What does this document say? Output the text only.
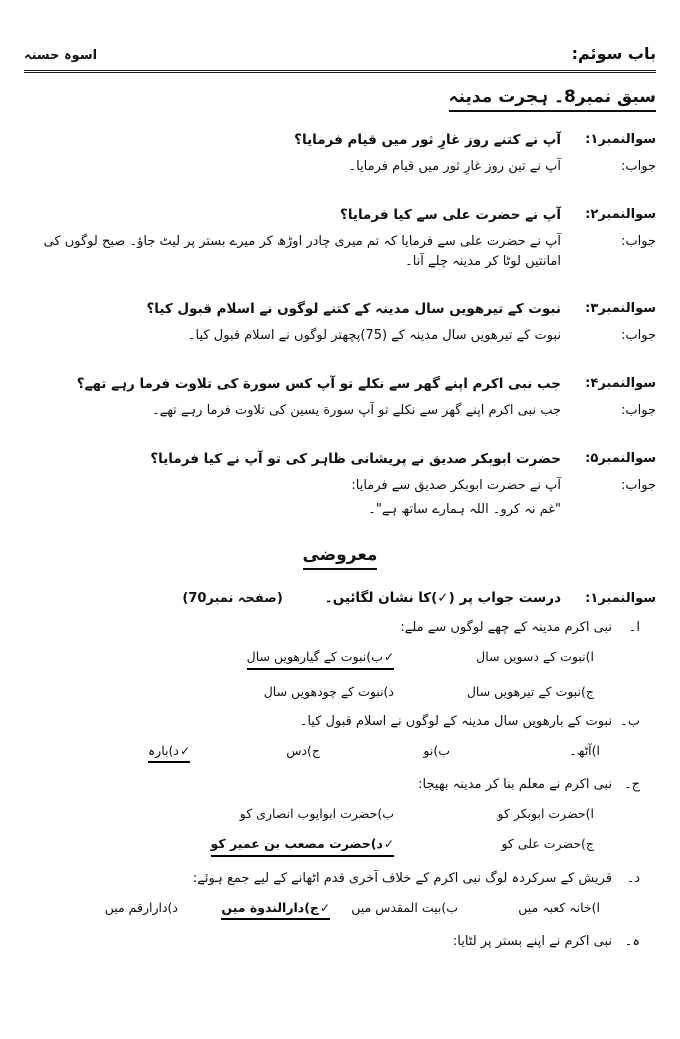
باب سوئم:
اسوہ حسنہ
سبق نمبر8۔ ہجرت مدینہ
سوالنمبر۱:
آپ نے کتنے روز غارِ ثور میں قیام فرمایا؟
جواب:
آپ نے تین روز غارِ ثور میں قیام فرمایا۔
سوالنمبر۲:
آپ نے حضرت علی سے کیا فرمایا؟
جواب:
آپ نے حضرت علی سے فرمایا کہ تم میری چادر اوڑھ کر میرے بستر پر لیٹ جاؤ۔ صبح لوگوں کی امانتیں لوٹا کر مدینہ چلے آنا۔
سوالنمبر۳:
نبوت کے تیرھویں سال مدینہ کے کتنے لوگوں نے اسلام قبول کیا؟
جواب:
نبوت کے تیرھویں سال مدینہ کے (75)پچھتر لوگوں نے اسلام قبول کیا۔
سوالنمبر۴:
جب نبی اکرم اپنے گھر سے نکلے تو آپ کس سورة کی تلاوت فرما رہے تھے؟
جواب:
جب نبی اکرم اپنے گھر سے نکلے تو آپ سورة یسین کی تلاوت فرما رہے تھے۔
سوالنمبر۵:
حضرت ابوبکر صدیق نے پریشانی ظاہر کی تو آپ نے کیا فرمایا؟
جواب:
آپ نے حضرت ابوبکر صدیق سے فرمایا:
"غم نہ کرو۔ اللہ ہمارے ساتھ ہے"۔
معروضی
سوالنمبر۱:
درست جواب پر (✓)کا نشان لگائیں۔
(صفحہ نمبر70)
ا۔
نبی اکرم مدینہ کے چھے لوگوں سے ملے:
ا)نبوت کے دسویں سال
✓ب)نبوت کے گیارھویں سال
ج)نبوت کے تیرھویں سال
د)نبوت کے چودھویں سال
ب۔
نبوت کے بارھویں سال مدینہ کے لوگوں نے اسلام قبول کیا۔
ا)آٹھ۔
ب)نو
ج)دس
✓د)بارہ
ج۔
نبی اکرم نے معلم بنا کر مدینہ بھیجا:
ا)حضرت ابوبکر کو
ب)حضرت ابوایوب انصاری کو
ج)حضرت علی کو
✓د)حضرت مصعب بن عمیر کو
د۔
قریش کے سرکردہ لوگ نبی اکرم کے خلاف آخری قدم اٹھانے کے لیے جمع ہوئے:
ا)خانہ کعبہ میں
ب)بیت المقدس میں
✓ج)دارالندوة میں
د)دارارقم میں
ہ۔
نبی اکرم نے اپنے بستر پر لٹایا:
